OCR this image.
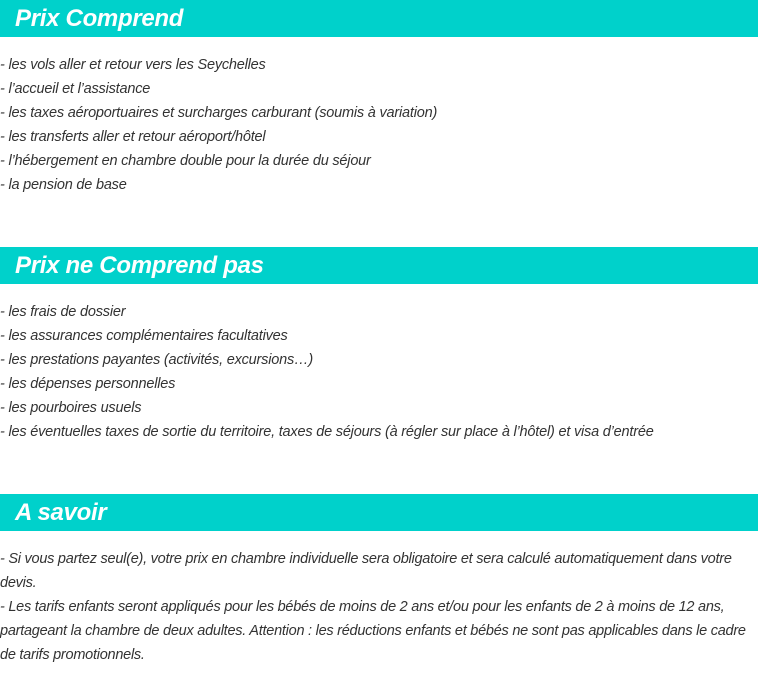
Prix Comprend
- les vols aller et retour vers les Seychelles
- l’accueil et l’assistance
- les taxes aéroportuaires et surcharges carburant (soumis à variation)
- les transferts aller et retour aéroport/hôtel
- l’hébergement en chambre double pour la durée du séjour
- la pension de base
Prix ne Comprend pas
- les frais de dossier
- les assurances complémentaires facultatives
- les prestations payantes (activités, excursions…)
- les dépenses personnelles
- les pourboires usuels
- les éventuelles taxes de sortie du territoire, taxes de séjours (à régler sur place à l’hôtel) et visa d’entrée
A savoir

- Si vous partez seul(e), votre prix en chambre individuelle sera obligatoire et sera calculé automatiquement dans votre devis.

- Les tarifs enfants seront appliqués pour les bébés de moins de 2 ans et/ou pour les enfants de 2 à moins de 12 ans, partageant la chambre de deux adultes. Attention : les réductions enfants et bébés ne sont pas applicables dans le cadre de tarifs promotionnels.
